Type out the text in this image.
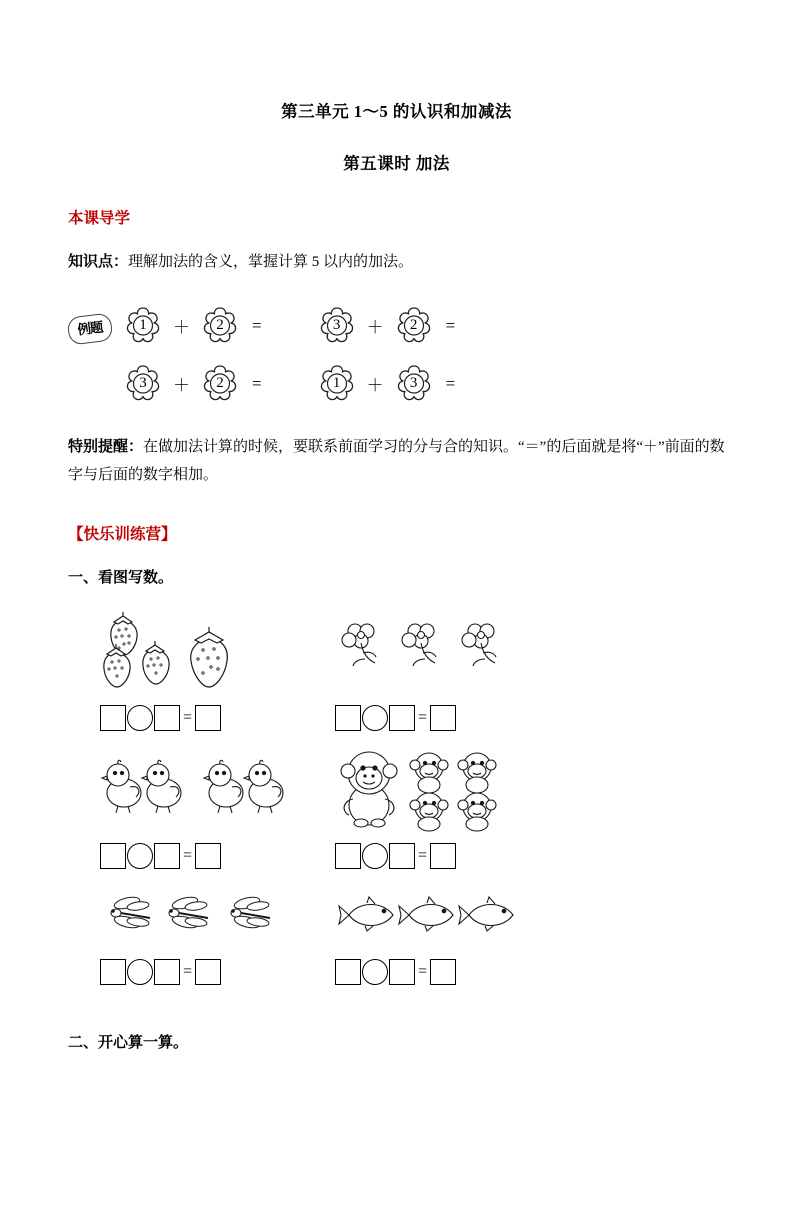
第三单元 1～5 的认识和加减法
第五课时 加法
本课导学
知识点：理解加法的含义，掌握计算 5 以内的加法。
例题	1	＋	2	=	3	＋	2	=
3	＋	2	=	1	＋	3	=
特别提醒：在做加法计算的时候，要联系前面学习的分与合的知识。“＝”的后面就是将“＋”前面的数字与后面的数字相加。
【快乐训练营】
一、看图写数。
=	=
=	=
=	=
二、开心算一算。
